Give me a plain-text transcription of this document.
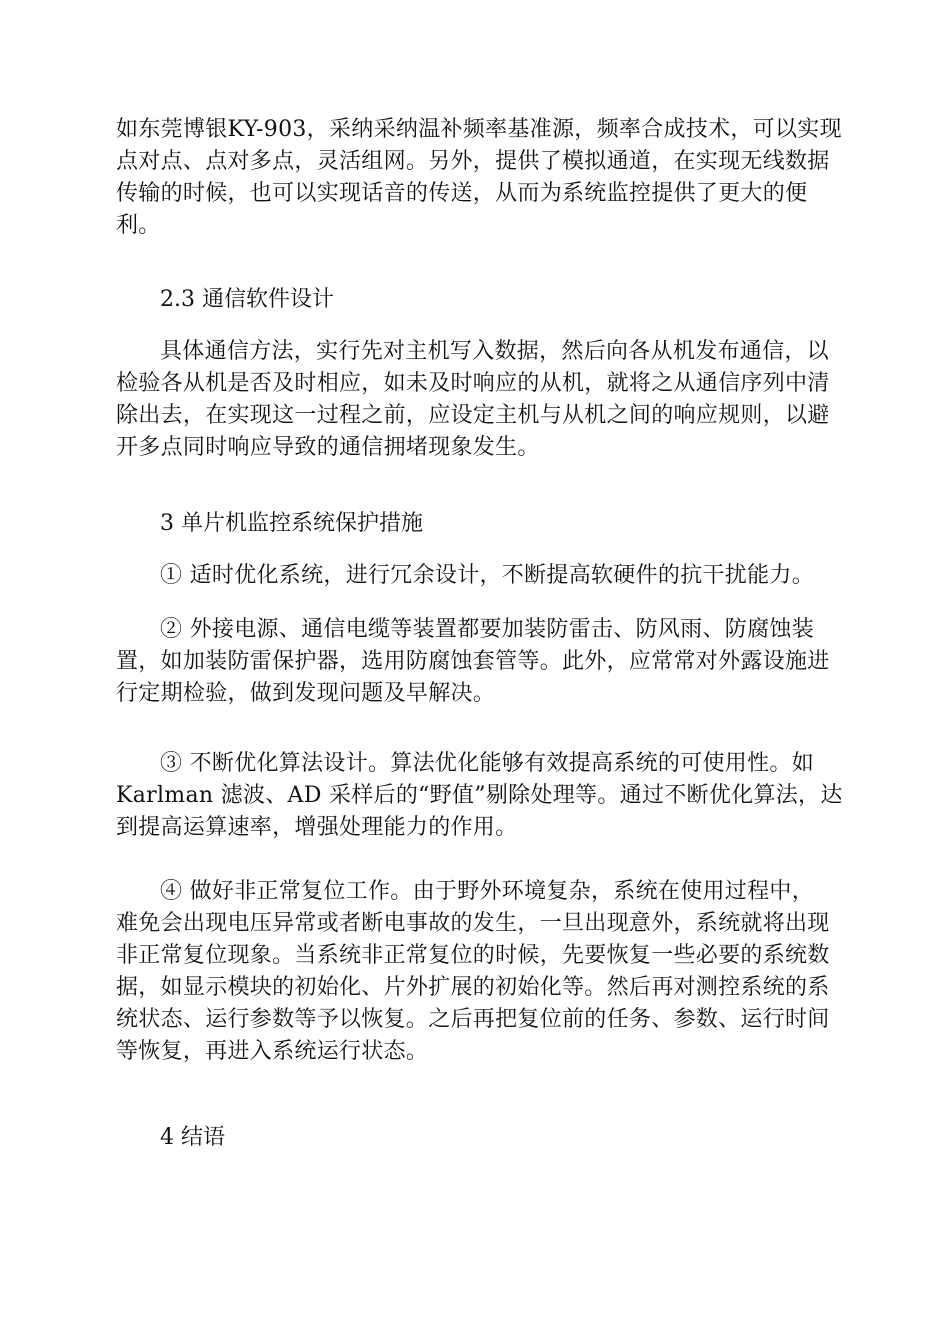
如东莞博银KY-903，采纳采纳温补频率基准源，频率合成技术，可以实现
点对点、点对多点，灵活组网。另外，提供了模拟通道，在实现无线数据
传输的时候，也可以实现话音的传送，从而为系统监控提供了更大的便
利。
2.3 通信软件设计
具体通信方法，实行先对主机写入数据，然后向各从机发布通信，以
检验各从机是否及时相应，如未及时响应的从机，就将之从通信序列中清
除出去，在实现这一过程之前，应设定主机与从机之间的响应规则，以避
开多点同时响应导致的通信拥堵现象发生。
3 单片机监控系统保护措施
① 适时优化系统，进行冗余设计，不断提高软硬件的抗干扰能力。
② 外接电源、通信电缆等装置都要加装防雷击、防风雨、防腐蚀装
置，如加装防雷保护器，选用防腐蚀套管等。此外，应常常对外露设施进
行定期检验，做到发现问题及早解决。
③ 不断优化算法设计。算法优化能够有效提高系统的可使用性。如
Karlman 滤波、AD 采样后的“野值”剔除处理等。通过不断优化算法，达
到提高运算速率，增强处理能力的作用。
④ 做好非正常复位工作。由于野外环境复杂，系统在使用过程中，
难免会出现电压异常或者断电事故的发生，一旦出现意外，系统就将出现
非正常复位现象。当系统非正常复位的时候，先要恢复一些必要的系统数
据，如显示模块的初始化、片外扩展的初始化等。然后再对测控系统的系
统状态、运行参数等予以恢复。之后再把复位前的任务、参数、运行时间
等恢复，再进入系统运行状态。
4 结语
